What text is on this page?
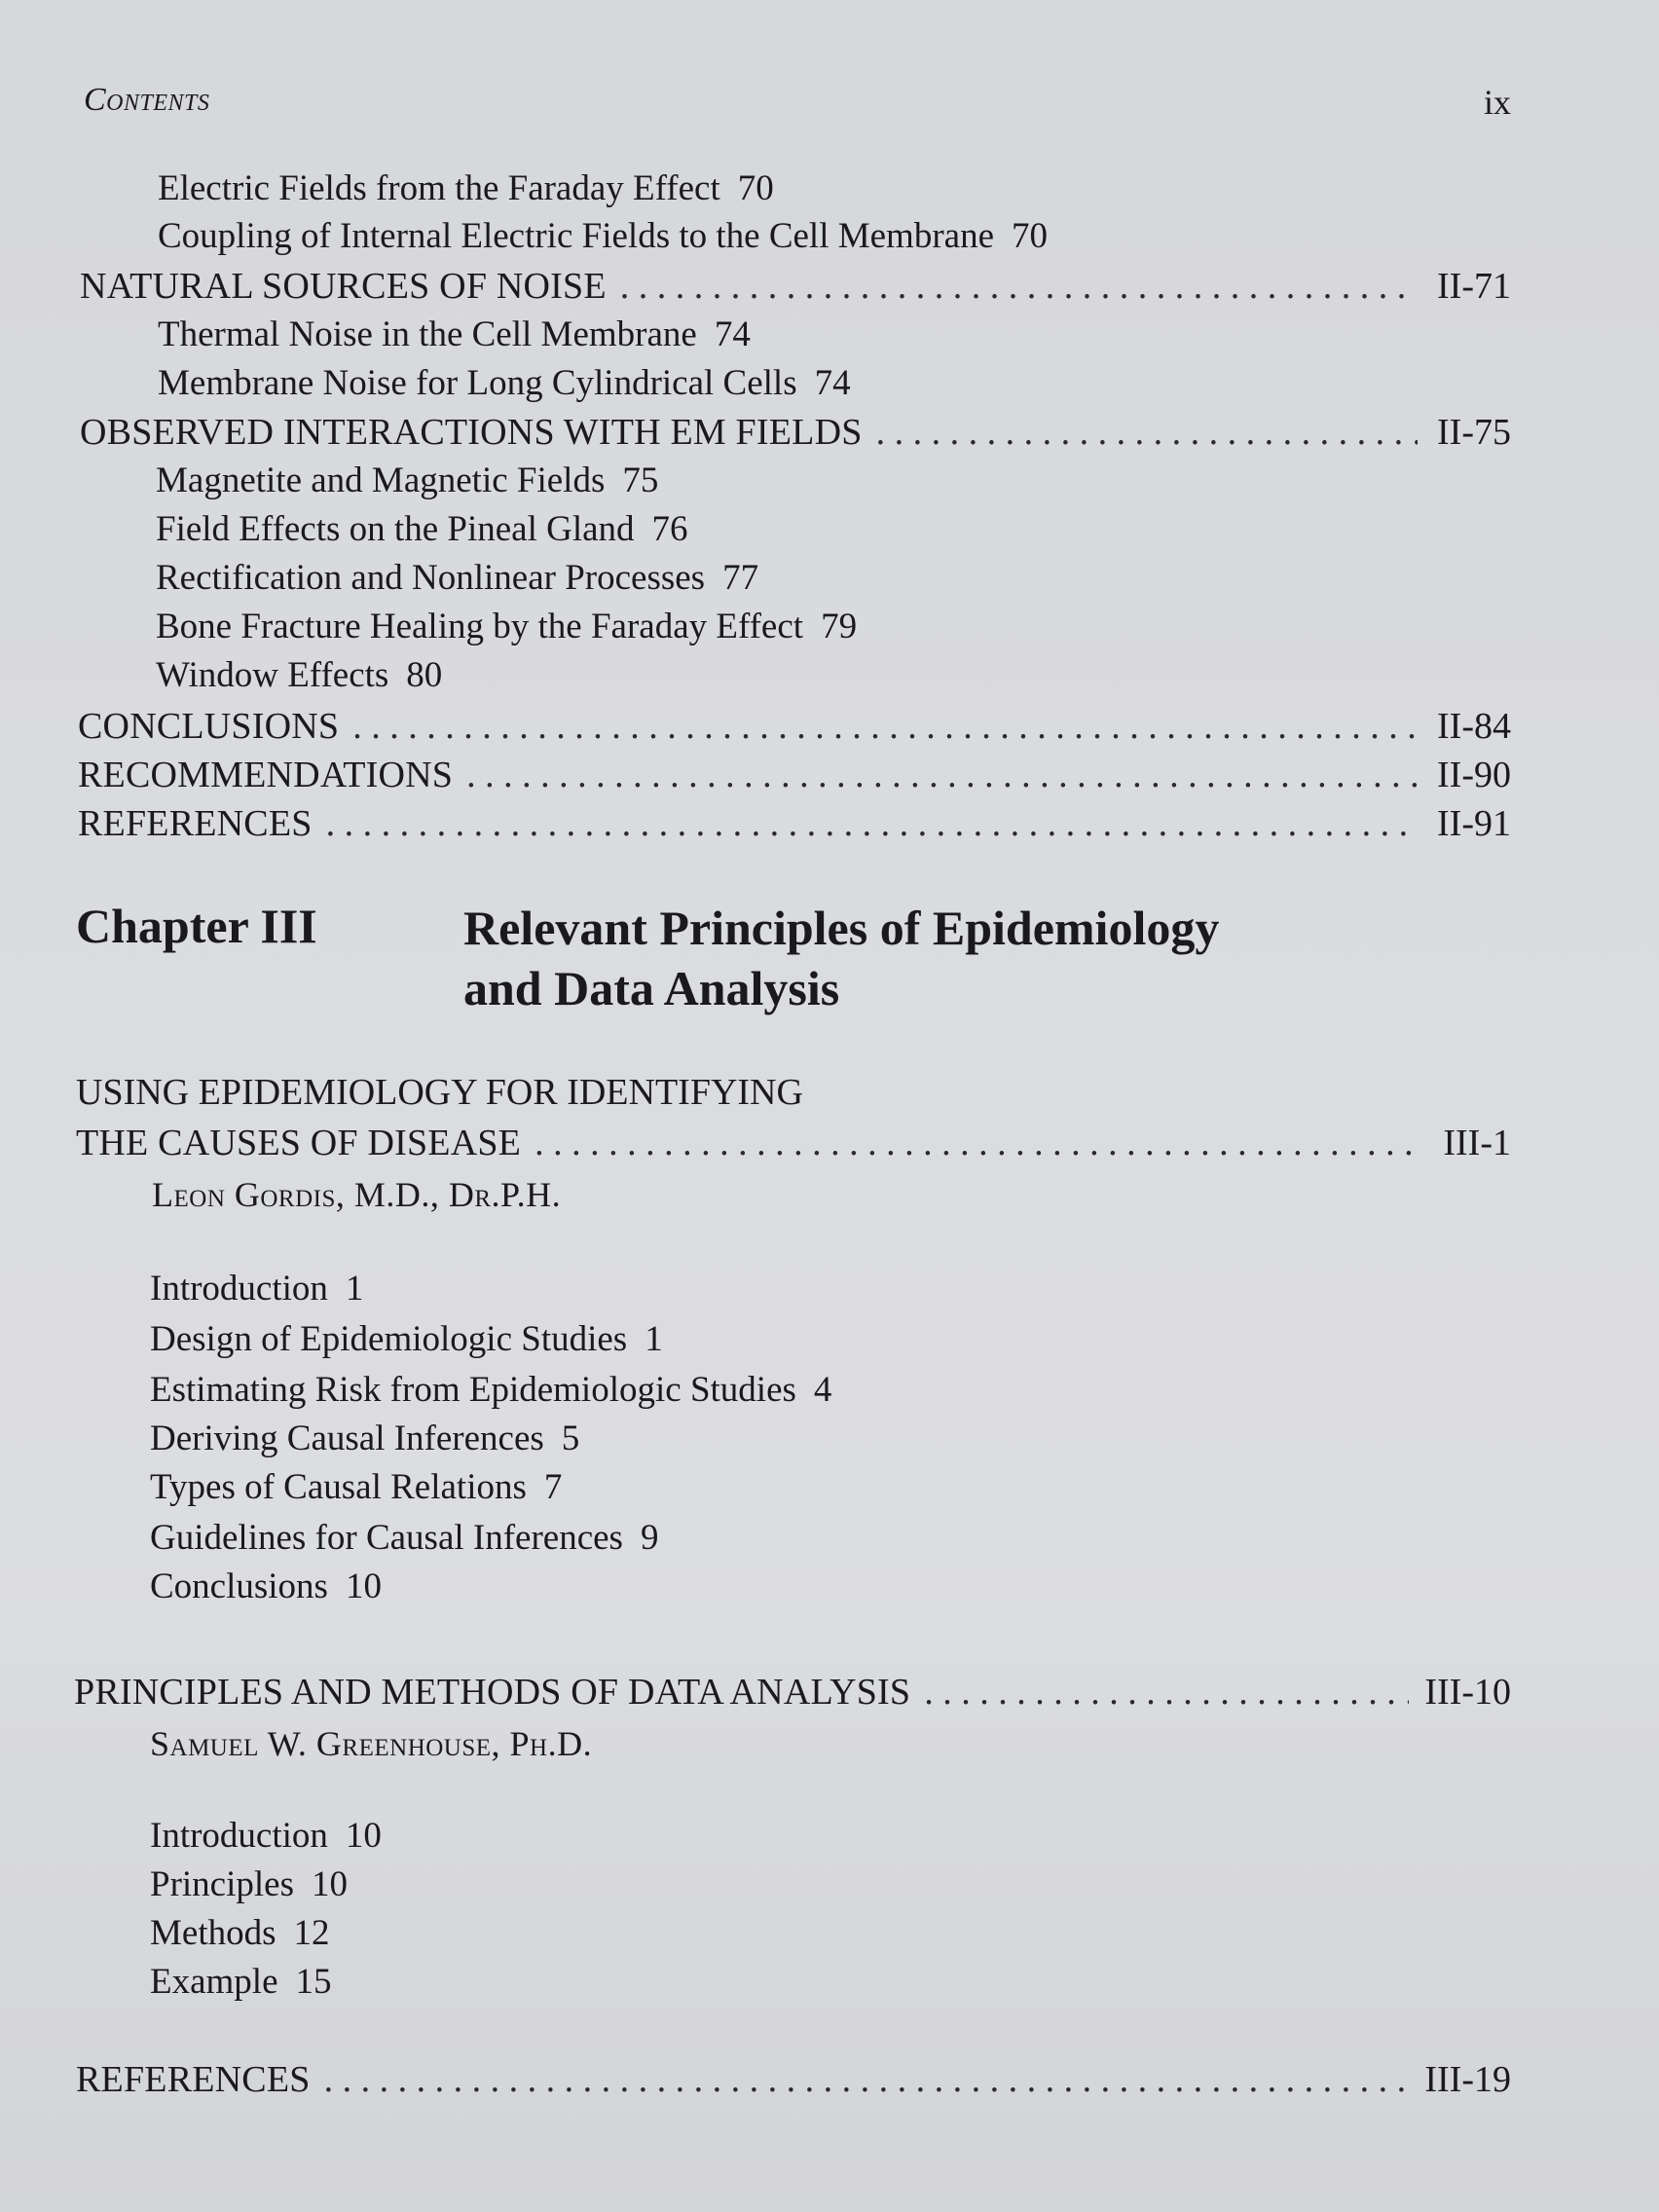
Contents	ix
Electric Fields from the Faraday Effect 70
Coupling of Internal Electric Fields to the Cell Membrane 70
NATURAL SOURCES OF NOISE . . .	II-71
Thermal Noise in the Cell Membrane 74
Membrane Noise for Long Cylindrical Cells 74
OBSERVED INTERACTIONS WITH EM FIELDS . . .	II-75
Magnetite and Magnetic Fields 75
Field Effects on the Pineal Gland 76
Rectification and Nonlinear Processes 77
Bone Fracture Healing by the Faraday Effect 79
Window Effects 80
CONCLUSIONS . . .	II-84
RECOMMENDATIONS . . .	II-90
REFERENCES . . .	II-91
Chapter III	Relevant Principles of Epidemiology
and Data Analysis
USING EPIDEMIOLOGY FOR IDENTIFYING
THE CAUSES OF DISEASE . . .	III-1
Leon Gordis, M.D., Dr.P.H.
Introduction 1
Design of Epidemiologic Studies 1
Estimating Risk from Epidemiologic Studies 4
Deriving Causal Inferences 5
Types of Causal Relations 7
Guidelines for Causal Inferences 9
Conclusions 10
PRINCIPLES AND METHODS OF DATA ANALYSIS . . .	III-10
Samuel W. Greenhouse, Ph.D.
Introduction 10
Principles 10
Methods 12
Example 15
REFERENCES . . .	III-19
